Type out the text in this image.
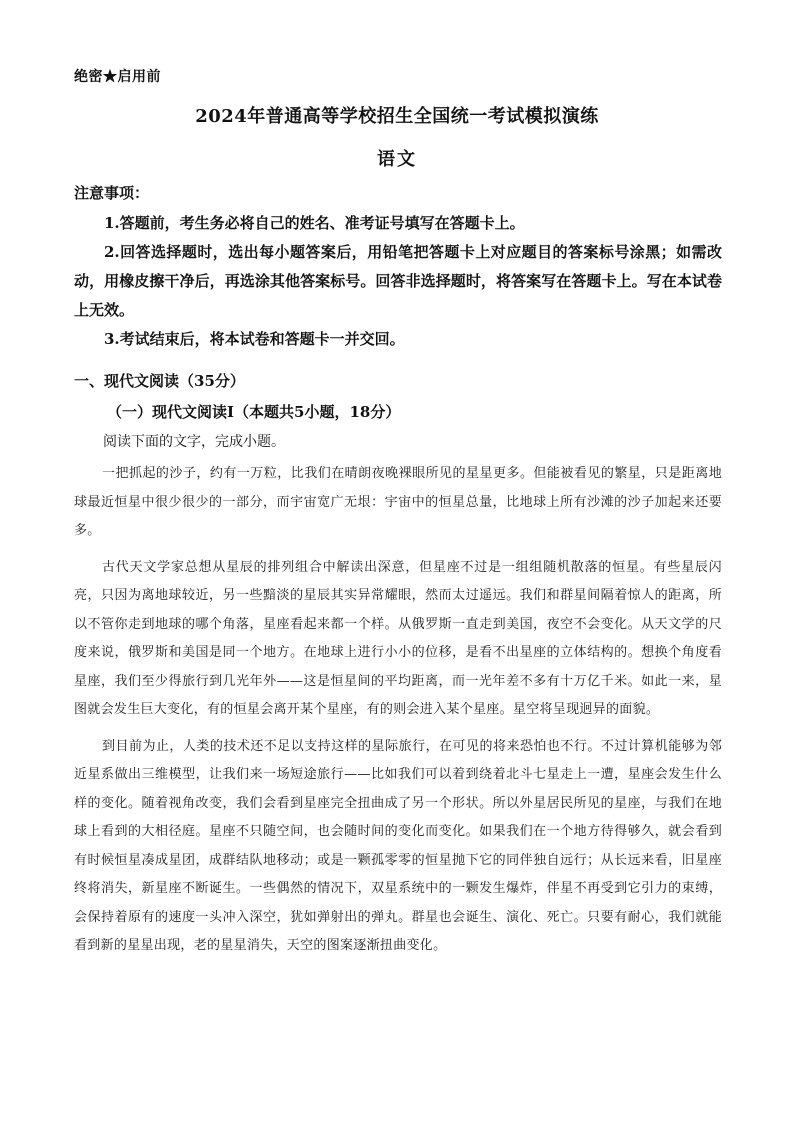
绝密★启用前
2024年普通高等学校招生全国统一考试模拟演练
语文
注意事项：

1.答题前，考生务必将自己的姓名、准考证号填写在答题卡上。

2.回答选择题时，选出每小题答案后，用铅笔把答题卡上对应题目的答案标号涂黑；如需改动，用橡皮擦干净后，再选涂其他答案标号。回答非选择题时，将答案写在答题卡上。写在本试卷上无效。

3.考试结束后，将本试卷和答题卡一并交回。

一、现代文阅读（35分）
（一）现代文阅读Ⅰ（本题共5小题，18分）
阅读下面的文字，完成小题。

一把抓起的沙子，约有一万粒，比我们在晴朗夜晚裸眼所见的星星更多。但能被看见的繁星，只是距离地球最近恒星中很少很少的一部分，而宇宙宽广无垠：宇宙中的恒星总量，比地球上所有沙滩的沙子加起来还要多。

古代天文学家总想从星辰的排列组合中解读出深意，但星座不过是一组组随机散落的恒星。有些星辰闪亮，只因为离地球较近，另一些黯淡的星辰其实异常耀眼，然而太过遥远。我们和群星间隔着惊人的距离，所以不管你走到地球的哪个角落，星座看起来都一个样。从俄罗斯一直走到美国，夜空不会变化。从天文学的尺度来说，俄罗斯和美国是同一个地方。在地球上进行小小的位移，是看不出星座的立体结构的。想换个角度看星座，我们至少得旅行到几光年外——这是恒星间的平均距离，而一光年差不多有十万亿千米。如此一来，星图就会发生巨大变化，有的恒星会离开某个星座，有的则会进入某个星座。星空将呈现迥异的面貌。

到目前为止，人类的技术还不足以支持这样的星际旅行，在可见的将来恐怕也不行。不过计算机能够为邻近星系做出三维模型，让我们来一场短途旅行——比如我们可以着到绕着北斗七星走上一遭，星座会发生什么样的变化。随着视角改变，我们会看到星座完全扭曲成了另一个形状。所以外星居民所见的星座，与我们在地球上看到的大相径庭。星座不只随空间，也会随时间的变化而变化。如果我们在一个地方待得够久，就会看到有时候恒星凑成星团，成群结队地移动；或是一颗孤零零的恒星抛下它的同伴独自远行；从长远来看，旧星座终将消失，新星座不断诞生。一些偶然的情况下，双星系统中的一颗发生爆炸，伴星不再受到它引力的束缚，会保持着原有的速度一头冲入深空，犹如弹射出的弹丸。群星也会诞生、演化、死亡。只要有耐心，我们就能看到新的星星出现，老的星星消失，天空的图案逐渐扭曲变化。
